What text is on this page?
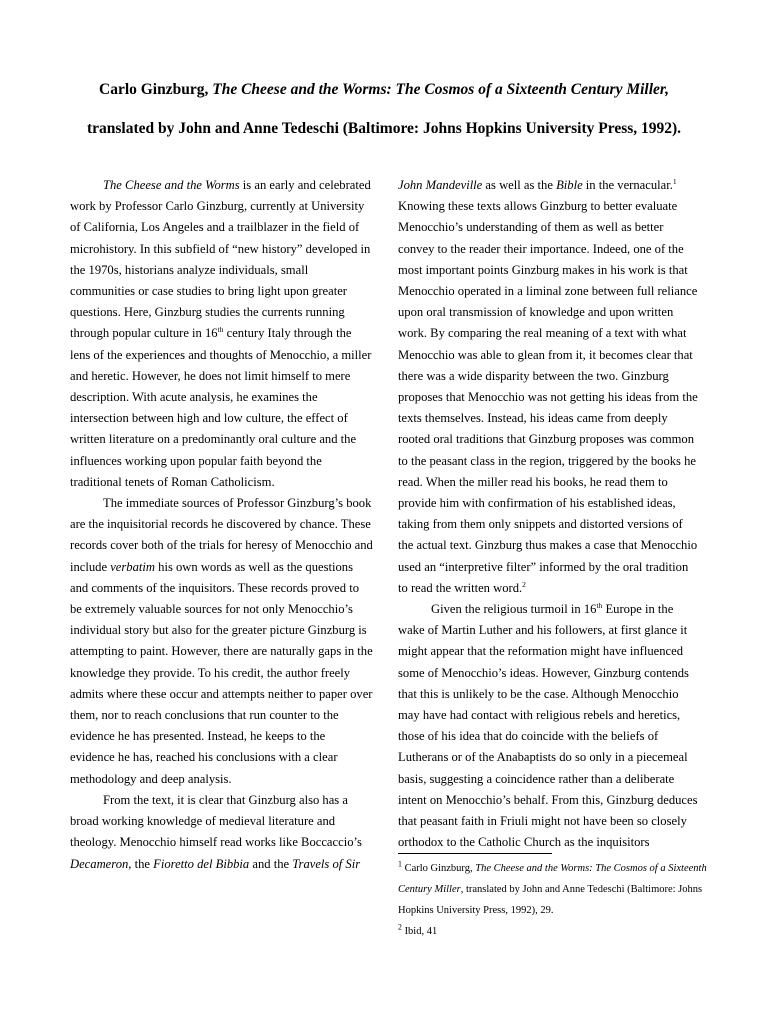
Carlo Ginzburg, The Cheese and the Worms: The Cosmos of a Sixteenth Century Miller,

translated by John and Anne Tedeschi (Baltimore: Johns Hopkins University Press, 1992).

The Cheese and the Worms is an early and celebrated work by Professor Carlo Ginzburg, currently at University of California, Los Angeles and a trailblazer in the field of microhistory. In this subfield of “new history” developed in the 1970s, historians analyze individuals, small communities or case studies to bring light upon greater questions. Here, Ginzburg studies the currents running through popular culture in 16th century Italy through the lens of the experiences and thoughts of Menocchio, a miller and heretic. However, he does not limit himself to mere description. With acute analysis, he examines the intersection between high and low culture, the effect of written literature on a predominantly oral culture and the influences working upon popular faith beyond the traditional tenets of Roman Catholicism.

The immediate sources of Professor Ginzburg’s book are the inquisitorial records he discovered by chance. These records cover both of the trials for heresy of Menocchio and include verbatim his own words as well as the questions and comments of the inquisitors. These records proved to be extremely valuable sources for not only Menocchio’s individual story but also for the greater picture Ginzburg is attempting to paint. However, there are naturally gaps in the knowledge they provide. To his credit, the author freely admits where these occur and attempts neither to paper over them, nor to reach conclusions that run counter to the evidence he has presented. Instead, he keeps to the evidence he has, reached his conclusions with a clear methodology and deep analysis.

From the text, it is clear that Ginzburg also has a broad working knowledge of medieval literature and theology. Menocchio himself read works like Boccaccio’s Decameron, the Fioretto del Bibbia and the Travels of Sir

John Mandeville as well as the Bible in the vernacular.$^1$ Knowing these texts allows Ginzburg to better evaluate Menocchio’s understanding of them as well as better convey to the reader their importance. Indeed, one of the most important points Ginzburg makes in his work is that Menocchio operated in a liminal zone between full reliance upon oral transmission of knowledge and upon written work. By comparing the real meaning of a text with what Menocchio was able to glean from it, it becomes clear that there was a wide disparity between the two. Ginzburg proposes that Menocchio was not getting his ideas from the texts themselves. Instead, his ideas came from deeply rooted oral traditions that Ginzburg proposes was common to the peasant class in the region, triggered by the books he read. When the miller read his books, he read them to provide him with confirmation of his established ideas, taking from them only snippets and distorted versions of the actual text. Ginzburg thus makes a case that Menocchio used an “interpretive filter” informed by the oral tradition to read the written word.$^2$

Given the religious turmoil in 16th Europe in the wake of Martin Luther and his followers, at first glance it might appear that the reformation might have influenced some of Menocchio’s ideas. However, Ginzburg contends that this is unlikely to be the case. Although Menocchio may have had contact with religious rebels and heretics, those of his idea that do coincide with the beliefs of Lutherans or of the Anabaptists do so only in a piecemeal basis, suggesting a coincidence rather than a deliberate intent on Menocchio’s behalf. From this, Ginzburg deduces that peasant faith in Friuli might not have been so closely orthodox to the Catholic Church as the inquisitors

$^1$ Carlo Ginzburg, The Cheese and the Worms: The Cosmos of a Sixteenth Century Miller, translated by John and Anne Tedeschi (Baltimore: Johns Hopkins University Press, 1992), 29.
$^2$ Ibid, 41
